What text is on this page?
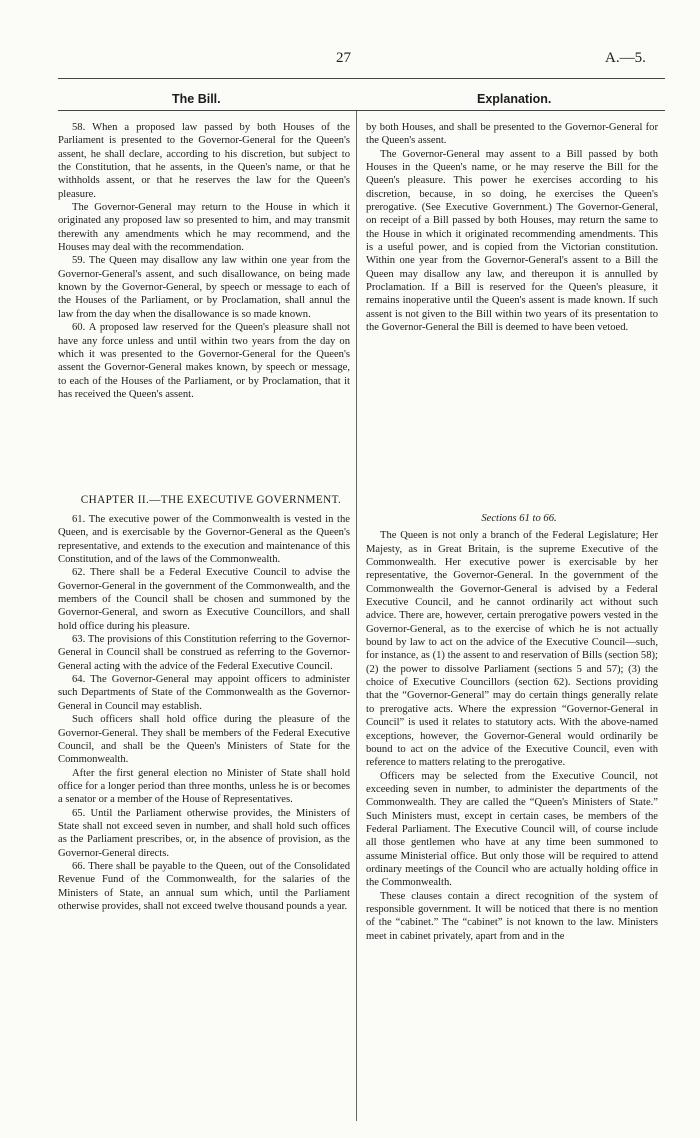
27	A.—5.
The Bill.	Explanation.

58. When a proposed law passed by both Houses of the Parliament is presented to the Governor-General for the Queen's assent, he shall declare, according to his discretion, but subject to the Constitution, that he assents, in the Queen's name, or that he withholds assent, or that he reserves the law for the Queen's pleasure.

The Governor-General may return to the House in which it originated any proposed law so presented to him, and may transmit therewith any amendments which he may recommend, and the Houses may deal with the recommendation.

59. The Queen may disallow any law within one year from the Governor-General's assent, and such disallowance, on being made known by the Governor-General, by speech or message to each of the Houses of the Parliament, or by Proclamation, shall annul the law from the day when the disallowance is so made known.

60. A proposed law reserved for the Queen's pleasure shall not have any force unless and until within two years from the day on which it was presented to the Governor-General for the Queen's assent the Governor-General makes known, by speech or message, to each of the Houses of the Parliament, or by Proclamation, that it has received the Queen's assent.

CHAPTER II.—THE EXECUTIVE GOVERNMENT.

61. The executive power of the Commonwealth is vested in the Queen, and is exercisable by the Governor-General as the Queen's representative, and extends to the execution and maintenance of this Constitution, and of the laws of the Commonwealth.

62. There shall be a Federal Executive Council to advise the Governor-General in the government of the Commonwealth, and the members of the Council shall be chosen and summoned by the Governor-General, and sworn as Executive Councillors, and shall hold office during his pleasure.

63. The provisions of this Constitution referring to the Governor-General in Council shall be construed as referring to the Governor-General acting with the advice of the Federal Executive Council.

64. The Governor-General may appoint officers to administer such Departments of State of the Commonwealth as the Governor-General in Council may establish.

Such officers shall hold office during the pleasure of the Governor-General. They shall be members of the Federal Executive Council, and shall be the Queen's Ministers of State for the Commonwealth.

After the first general election no Minister of State shall hold office for a longer period than three months, unless he is or becomes a senator or a member of the House of Representatives.

65. Until the Parliament otherwise provides, the Ministers of State shall not exceed seven in number, and shall hold such offices as the Parliament prescribes, or, in the absence of provision, as the Governor-General directs.

66. There shall be payable to the Queen, out of the Consolidated Revenue Fund of the Commonwealth, for the salaries of the Ministers of State, an annual sum which, until the Parliament otherwise provides, shall not exceed twelve thousand pounds a year.

by both Houses, and shall be presented to the Governor-General for the Queen's assent.

The Governor-General may assent to a Bill passed by both Houses in the Queen's name, or he may reserve the Bill for the Queen's pleasure. This power he exercises according to his discretion, because, in so doing, he exercises the Queen's prerogative. (See Executive Government.) The Governor-General, on receipt of a Bill passed by both Houses, may return the same to the House in which it originated recommending amendments. This is a useful power, and is copied from the Victorian constitution. Within one year from the Governor-General's assent to a Bill the Queen may disallow any law, and thereupon it is annulled by Proclamation. If a Bill is reserved for the Queen's pleasure, it remains inoperative until the Queen's assent is made known. If such assent is not given to the Bill within two years of its presentation to the Governor-General the Bill is deemed to have been vetoed.

Sections 61 to 66.

The Queen is not only a branch of the Federal Legislature; Her Majesty, as in Great Britain, is the supreme Executive of the Commonwealth. Her executive power is exercisable by her representative, the Governor-General. In the government of the Commonwealth the Governor-General is advised by a Federal Executive Council, and he cannot ordinarily act without such advice. There are, however, certain prerogative powers vested in the Governor-General, as to the exercise of which he is not actually bound by law to act on the advice of the Executive Council—such, for instance, as (1) the assent to and reservation of Bills (section 58); (2) the power to dissolve Parliament (sections 5 and 57); (3) the choice of Executive Councillors (section 62). Sections providing that the “Governor-General” may do certain things generally relate to prerogative acts. Where the expression “Governor-General in Council” is used it relates to statutory acts. With the above-named exceptions, however, the Governor-General would ordinarily be bound to act on the advice of the Executive Council, even with reference to matters relating to the prerogative.

Officers may be selected from the Executive Council, not exceeding seven in number, to administer the departments of the Commonwealth. They are called the “Queen's Ministers of State.” Such Ministers must, except in certain cases, be members of the Federal Parliament. The Executive Council will, of course include all those gentlemen who have at any time been summoned to assume Ministerial office. But only those will be required to attend ordinary meetings of the Council who are actually holding office in the Commonwealth.

These clauses contain a direct recognition of the system of responsible government. It will be noticed that there is no mention of the “cabinet.” The “cabinet” is not known to the law. Ministers meet in cabinet privately, apart from and in the
